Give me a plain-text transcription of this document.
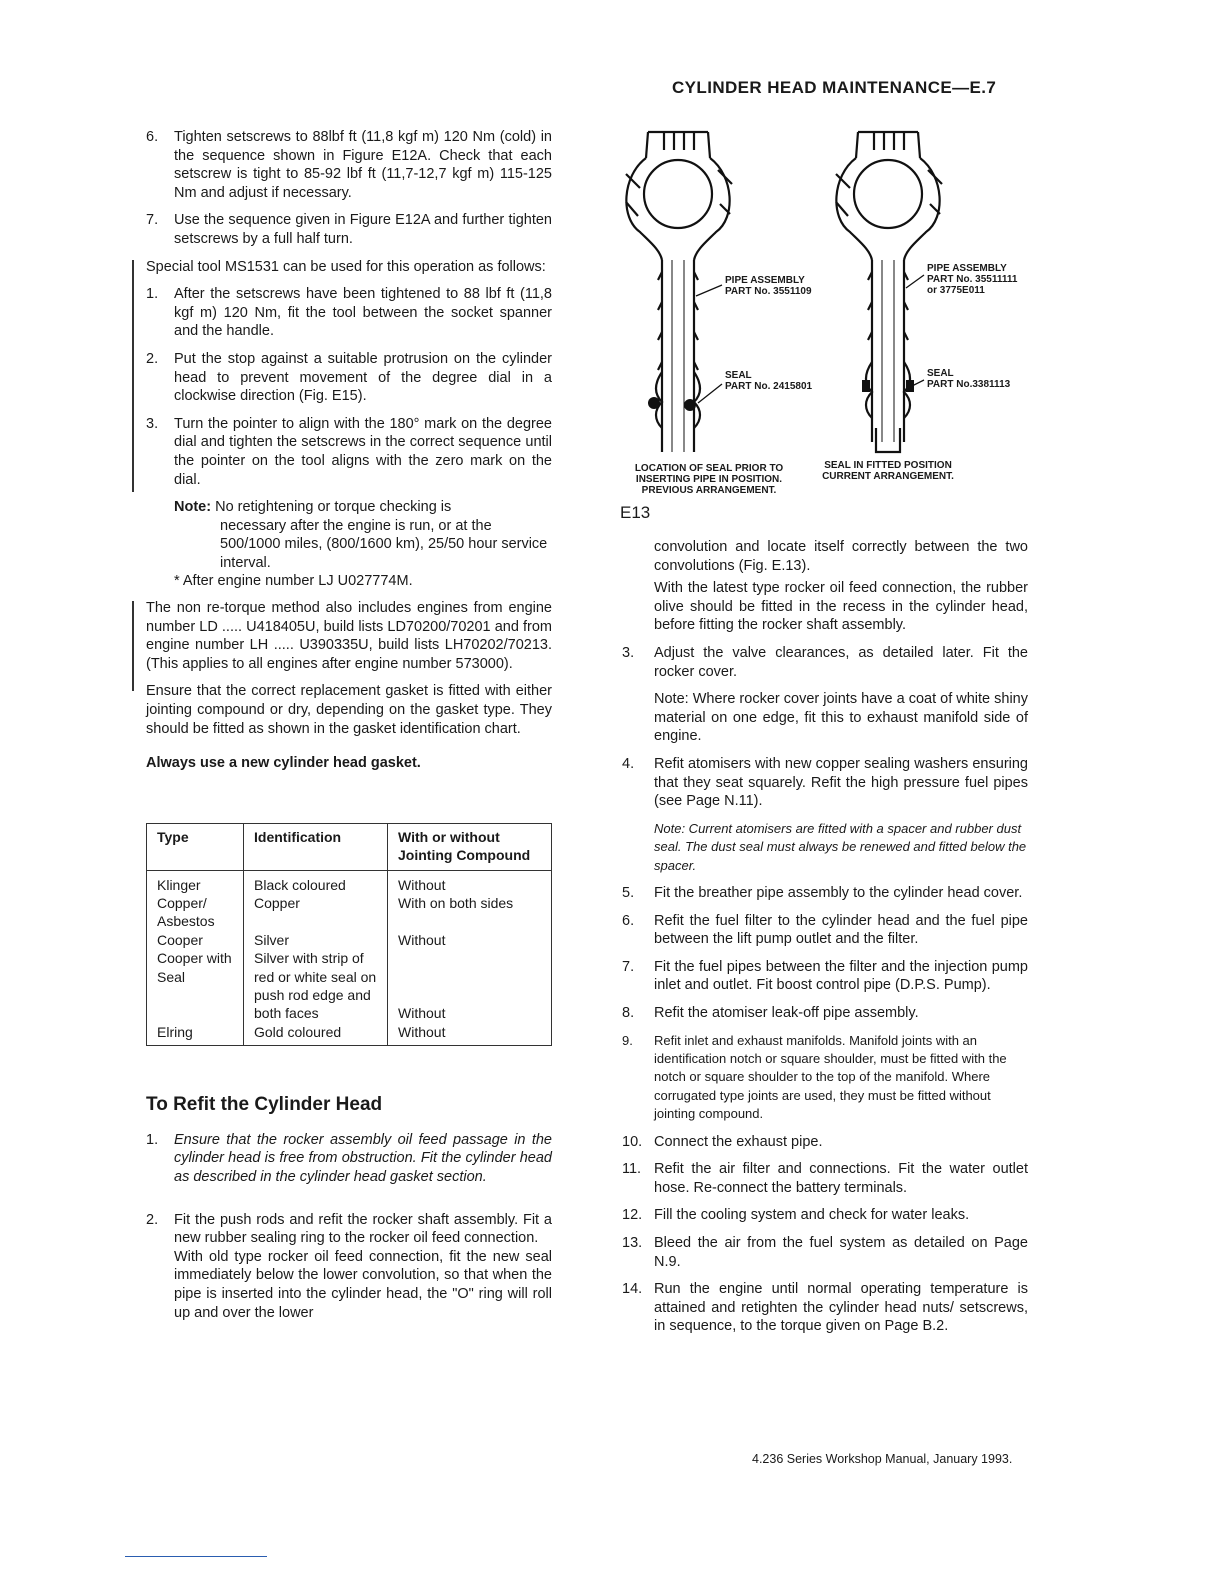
CYLINDER HEAD MAINTENANCE—E.7
6. Tighten setscrews to 88lbf ft (11,8 kgf m) 120 Nm (cold) in the sequence shown in Figure E12A. Check that each setscrew is tight to 85-92 lbf ft (11,7-12,7 kgf m) 115-125 Nm and adjust if necessary.
7. Use the sequence given in Figure E12A and further tighten setscrews by a full half turn.
Special tool MS1531 can be used for this operation as follows:
1. After the setscrews have been tightened to 88 lbf ft (11,8 kgf m) 120 Nm, fit the tool between the socket spanner and the handle.
2. Put the stop against a suitable protrusion on the cylinder head to prevent movement of the degree dial in a clockwise direction (Fig. E15).
3. Turn the pointer to align with the 180° mark on the degree dial and tighten the setscrews in the correct sequence until the pointer on the tool aligns with the zero mark on the dial.
Note: No retightening or torque checking is
necessary after the engine is run, or at the 500/1000 miles, (800/1600 km), 25/50 hour service interval.
* After engine number LJ U027774M.
The non re-torque method also includes engines from engine number LD ..... U418405U, build lists LD70200/70201 and from engine number LH ..... U390335U, build lists LH70202/70213. (This applies to all engines after engine number 573000).
Ensure that the correct replacement gasket is fitted with either jointing compound or dry, depending on the gasket type. They should be fitted as shown in the gasket identification chart.
Always use a new cylinder head gasket.
Type	Identification	With or without Jointing Compound
Klinger	Black coloured	Without
Copper/ Asbestos	Copper	With on both sides
Cooper	Silver	Without
Cooper with Seal	Silver with strip of red or white seal on push rod edge and both faces	Without
Elring	Gold coloured	Without
To Refit the Cylinder Head
1. Ensure that the rocker assembly oil feed passage in the cylinder head is free from obstruction. Fit the cylinder head as described in the cylinder head gasket section.
2. Fit the push rods and refit the rocker shaft assembly. Fit a new rubber sealing ring to the rocker oil feed connection.
With old type rocker oil feed connection, fit the new seal immediately below the lower convolution, so that when the pipe is inserted into the cylinder head, the "O" ring will roll up and over the lower
PIPE ASSEMBLY
PART No. 3551109
SEAL
PART No. 2415801
PIPE ASSEMBLY
PART No. 35511111
or 3775E011
SEAL
PART No.3381113
LOCATION OF SEAL PRIOR TO
INSERTING PIPE IN POSITION.
PREVIOUS ARRANGEMENT.
SEAL IN FITTED POSITION
CURRENT ARRANGEMENT.
E13
convolution and locate itself correctly between the two convolutions (Fig. E.13).
With the latest type rocker oil feed connection, the rubber olive should be fitted in the recess in the cylinder head, before fitting the rocker shaft assembly.
3. Adjust the valve clearances, as detailed later. Fit the rocker cover.
Note: Where rocker cover joints have a coat of white shiny material on one edge, fit this to exhaust manifold side of engine.
4. Refit atomisers with new copper sealing washers ensuring that they seat squarely. Refit the high pressure fuel pipes (see Page N.11).
Note: Current atomisers are fitted with a spacer and rubber dust seal. The dust seal must always be renewed and fitted below the spacer.
5. Fit the breather pipe assembly to the cylinder head cover.
6. Refit the fuel filter to the cylinder head and the fuel pipe between the lift pump outlet and the filter.
7. Fit the fuel pipes between the filter and the injection pump inlet and outlet. Fit boost control pipe (D.P.S. Pump).
8. Refit the atomiser leak-off pipe assembly.
9. Refit inlet and exhaust manifolds. Manifold joints with an identification notch or square shoulder, must be fitted with the notch or square shoulder to the top of the manifold. Where corrugated type joints are used, they must be fitted without jointing compound.
10. Connect the exhaust pipe.
11. Refit the air filter and connections. Fit the water outlet hose. Re-connect the battery terminals.
12. Fill the cooling system and check for water leaks.
13. Bleed the air from the fuel system as detailed on Page N.9.
14. Run the engine until normal operating temperature is attained and retighten the cylinder head nuts/ setscrews, in sequence, to the torque given on Page B.2.
4.236 Series Workshop Manual, January 1993.
